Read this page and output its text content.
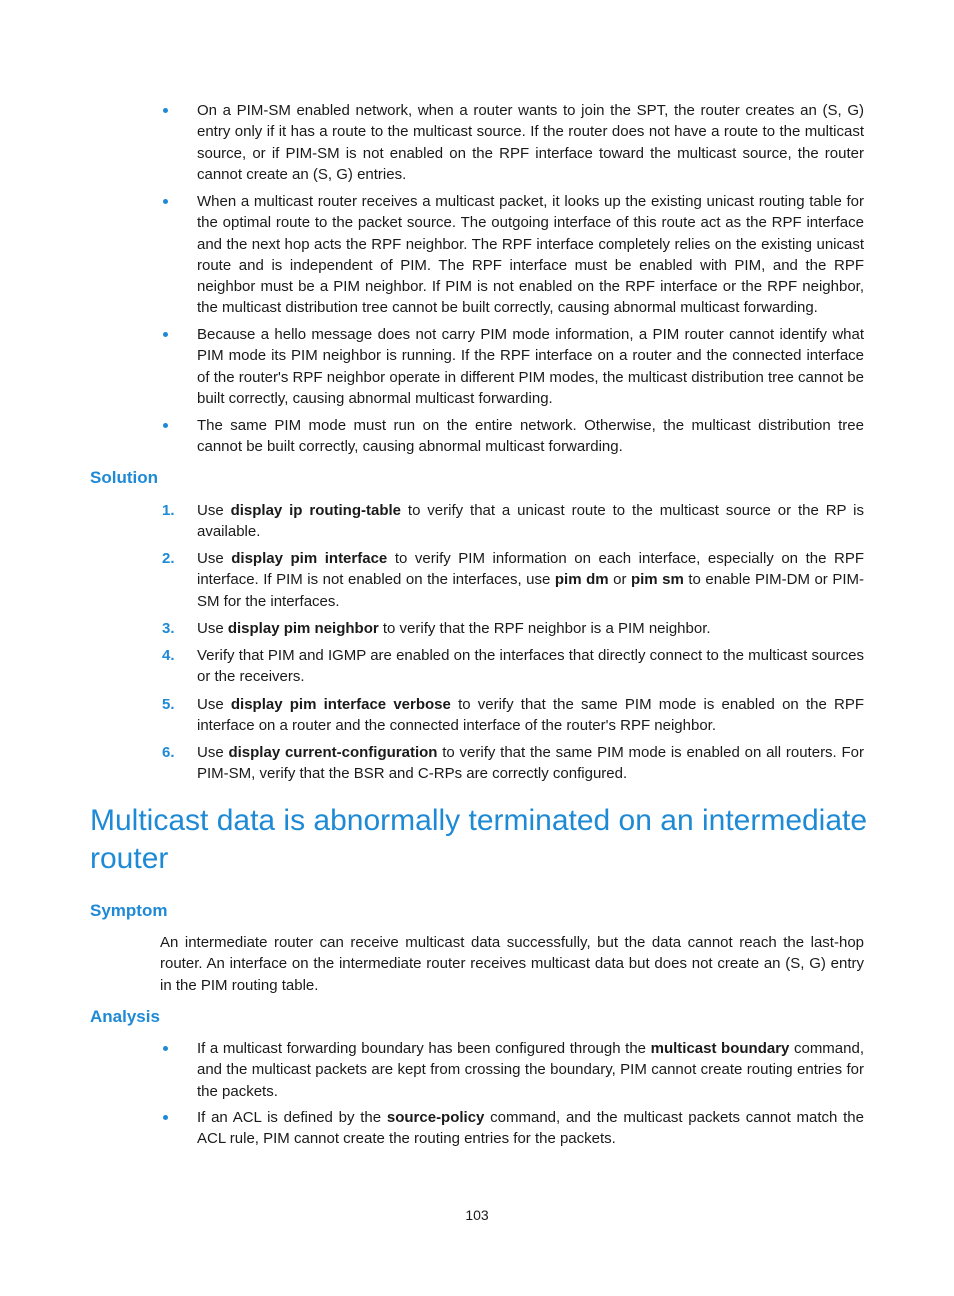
On a PIM-SM enabled network, when a router wants to join the SPT, the router creates an (S, G) entry only if it has a route to the multicast source. If the router does not have a route to the multicast source, or if PIM-SM is not enabled on the RPF interface toward the multicast source, the router cannot create an (S, G) entries.
When a multicast router receives a multicast packet, it looks up the existing unicast routing table for the optimal route to the packet source. The outgoing interface of this route act as the RPF interface and the next hop acts the RPF neighbor. The RPF interface completely relies on the existing unicast route and is independent of PIM. The RPF interface must be enabled with PIM, and the RPF neighbor must be a PIM neighbor. If PIM is not enabled on the RPF interface or the RPF neighbor, the multicast distribution tree cannot be built correctly, causing abnormal multicast forwarding.
Because a hello message does not carry PIM mode information, a PIM router cannot identify what PIM mode its PIM neighbor is running. If the RPF interface on a router and the connected interface of the router's RPF neighbor operate in different PIM modes, the multicast distribution tree cannot be built correctly, causing abnormal multicast forwarding.
The same PIM mode must run on the entire network. Otherwise, the multicast distribution tree cannot be built correctly, causing abnormal multicast forwarding.
Solution
1. Use display ip routing-table to verify that a unicast route to the multicast source or the RP is available.
2. Use display pim interface to verify PIM information on each interface, especially on the RPF interface. If PIM is not enabled on the interfaces, use pim dm or pim sm to enable PIM-DM or PIM-SM for the interfaces.
3. Use display pim neighbor to verify that the RPF neighbor is a PIM neighbor.
4. Verify that PIM and IGMP are enabled on the interfaces that directly connect to the multicast sources or the receivers.
5. Use display pim interface verbose to verify that the same PIM mode is enabled on the RPF interface on a router and the connected interface of the router's RPF neighbor.
6. Use display current-configuration to verify that the same PIM mode is enabled on all routers. For PIM-SM, verify that the BSR and C-RPs are correctly configured.
Multicast data is abnormally terminated on an intermediate router
Symptom
An intermediate router can receive multicast data successfully, but the data cannot reach the last-hop router. An interface on the intermediate router receives multicast data but does not create an (S, G) entry in the PIM routing table.
Analysis
If a multicast forwarding boundary has been configured through the multicast boundary command, and the multicast packets are kept from crossing the boundary, PIM cannot create routing entries for the packets.
If an ACL is defined by the source-policy command, and the multicast packets cannot match the ACL rule, PIM cannot create the routing entries for the packets.
103
